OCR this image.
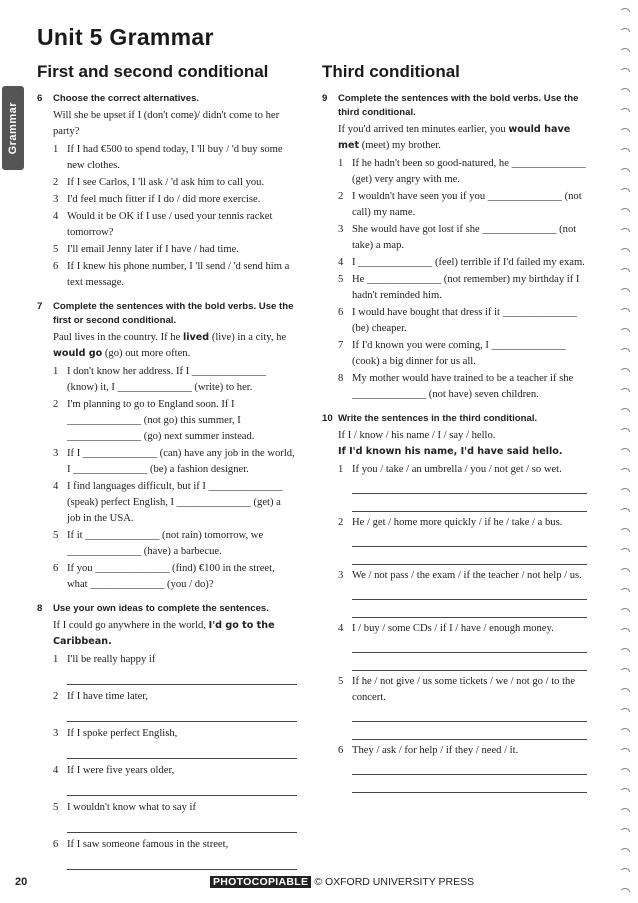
Unit 5 Grammar
Grammar
First and second conditional	Third conditional
6	Choose the correct alternatives.
Will she be upset if I (don't come)/ didn't come to her party?
1 If I had €500 to spend today, I 'll buy / 'd buy some new clothes.
2 If I see Carlos, I 'll ask / 'd ask him to call you.
3 I'd feel much fitter if I do / did more exercise.
4 Would it be OK if I use / used your tennis racket tomorrow?
5 I'll email Jenny later if I have / had time.
6 If I knew his phone number, I 'll send / 'd send him a text message.
7	Complete the sentences with the bold verbs. Use the first or second conditional.
Paul lives in the country. If he lived (live) in a city, he would go (go) out more often.
1 I don't know her address. If I ______________ (know) it, I ______________ (write) to her.
2 I'm planning to go to England soon. If I ______________ (not go) this summer, I ______________ (go) next summer instead.
3 If I ______________ (can) have any job in the world, I ______________ (be) a fashion designer.
4 I find languages difficult, but if I ______________ (speak) perfect English, I ______________ (get) a job in the USA.
5 If it ______________ (not rain) tomorrow, we ______________ (have) a barbecue.
6 If you ______________ (find) €100 in the street, what ______________ (you / do)?
8	Use your own ideas to complete the sentences.
If I could go anywhere in the world, I'd go to the Caribbean.
1 I'll be really happy if
2 If I have time later,
3 If I spoke perfect English,
4 If I were five years older,
5 I wouldn't know what to say if
6 If I saw someone famous in the street,
9	Complete the sentences with the bold verbs. Use the third conditional.
If you'd arrived ten minutes earlier, you would have met (meet) my brother.
1 If he hadn't been so good-natured, he ______________ (get) very angry with me.
2 I wouldn't have seen you if you ______________ (not call) my name.
3 She would have got lost if she ______________ (not take) a map.
4 I ______________ (feel) terrible if I'd failed my exam.
5 He ______________ (not remember) my birthday if I hadn't reminded him.
6 I would have bought that dress if it ______________ (be) cheaper.
7 If I'd known you were coming, I ______________ (cook) a big dinner for us all.
8 My mother would have trained to be a teacher if she ______________ (not have) seven children.
10 Write the sentences in the third conditional.
If I / know / his name / I / say / hello.
If I'd known his name, I'd have said hello.
1 If you / take / an umbrella / you / not get / so wet.
2 He / get / home more quickly / if he / take / a bus.
3 We / not pass / the exam / if the teacher / not help / us.
4 I / buy / some CDs / if I / have / enough money.
5 If he / not give / us some tickets / we / not go / to the concert.
6 They / ask / for help / if they / need / it.
20	PHOTOCOPIABLE © OXFORD UNIVERSITY PRESS
